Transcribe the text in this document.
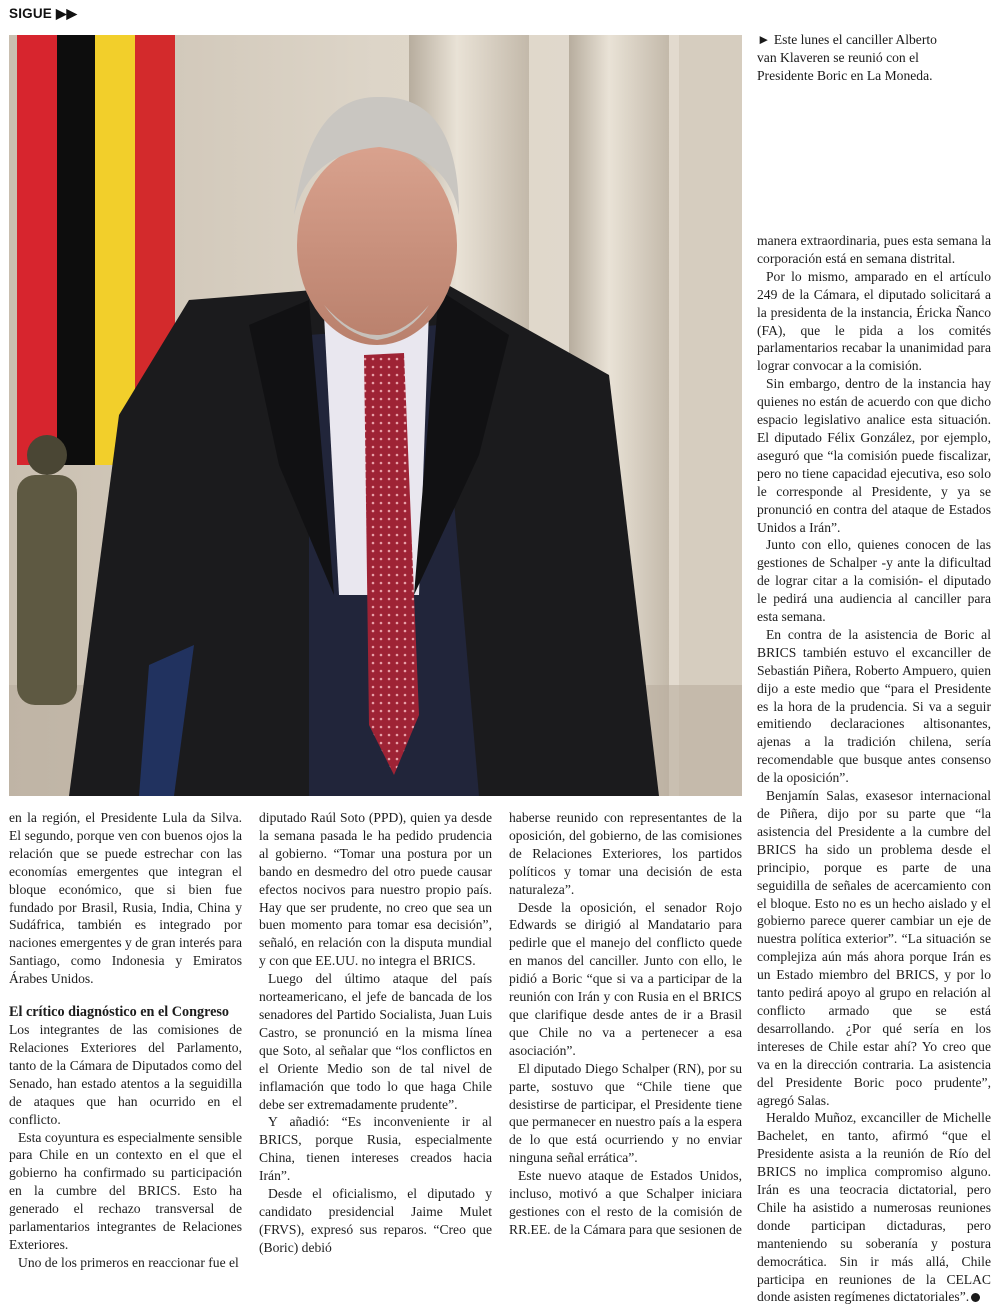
SIGUE ▶▶
► Este lunes el canciller Alberto van Klaveren se reunió con el Presidente Boric en La Moneda.

en la región, el Presidente Lula da Silva. El segundo, porque ven con buenos ojos la relación que se puede estrechar con las economías emergentes que integran el bloque económico, que si bien fue fundado por Brasil, Rusia, India, China y Sudáfrica, también es integrado por naciones emergentes y de gran interés para Santiago, como Indonesia y Emiratos Árabes Unidos.

El crítico diagnóstico en el Congreso

Los integrantes de las comisiones de Relaciones Exteriores del Parlamento, tanto de la Cámara de Diputados como del Senado, han estado atentos a la seguidilla de ataques que han ocurrido en el conflicto.

Esta coyuntura es especialmente sensible para Chile en un contexto en el que el gobierno ha confirmado su participación en la cumbre del BRICS. Esto ha generado el rechazo transversal de parlamentarios integrantes de Relaciones Exteriores.

Uno de los primeros en reaccionar fue el

diputado Raúl Soto (PPD), quien ya desde la semana pasada le ha pedido prudencia al gobierno. “Tomar una postura por un bando en desmedro del otro puede causar efectos nocivos para nuestro propio país. Hay que ser prudente, no creo que sea un buen momento para tomar esa decisión”, señaló, en relación con la disputa mundial y con que EE.UU. no integra el BRICS.

Luego del último ataque del país norteamericano, el jefe de bancada de los senadores del Partido Socialista, Juan Luis Castro, se pronunció en la misma línea que Soto, al señalar que “los conflictos en el Oriente Medio son de tal nivel de inflamación que todo lo que haga Chile debe ser extremadamente prudente”.

Y añadió: “Es inconveniente ir al BRICS, porque Rusia, especialmente China, tienen intereses creados hacia Irán”.

Desde el oficialismo, el diputado y candidato presidencial Jaime Mulet (FRVS), expresó sus reparos. “Creo que (Boric) debió

haberse reunido con representantes de la oposición, del gobierno, de las comisiones de Relaciones Exteriores, los partidos políticos y tomar una decisión de esta naturaleza”.

Desde la oposición, el senador Rojo Edwards se dirigió al Mandatario para pedirle que el manejo del conflicto quede en manos del canciller. Junto con ello, le pidió a Boric “que si va a participar de la reunión con Irán y con Rusia en el BRICS que clarifique desde antes de ir a Brasil que Chile no va a pertenecer a esa asociación”.

El diputado Diego Schalper (RN), por su parte, sostuvo que “Chile tiene que desistirse de participar, el Presidente tiene que permanecer en nuestro país a la espera de lo que está ocurriendo y no enviar ninguna señal errática”.

Este nuevo ataque de Estados Unidos, incluso, motivó a que Schalper iniciara gestiones con el resto de la comisión de RR.EE. de la Cámara para que sesionen de

manera extraordinaria, pues esta semana la corporación está en semana distrital.

Por lo mismo, amparado en el artículo 249 de la Cámara, el diputado solicitará a la presidenta de la instancia, Éricka Ñanco (FA), que le pida a los comités parlamentarios recabar la unanimidad para lograr convocar a la comisión.

Sin embargo, dentro de la instancia hay quienes no están de acuerdo con que dicho espacio legislativo analice esta situación. El diputado Félix González, por ejemplo, aseguró que “la comisión puede fiscalizar, pero no tiene capacidad ejecutiva, eso solo le corresponde al Presidente, y ya se pronunció en contra del ataque de Estados Unidos a Irán”.

Junto con ello, quienes conocen de las gestiones de Schalper -y ante la dificultad de lograr citar a la comisión- el diputado le pedirá una audiencia al canciller para esta semana.

En contra de la asistencia de Boric al BRICS también estuvo el excanciller de Sebastián Piñera, Roberto Ampuero, quien dijo a este medio que “para el Presidente es la hora de la prudencia. Si va a seguir emitiendo declaraciones altisonantes, ajenas a la tradición chilena, sería recomendable que busque antes consenso de la oposición”.

Benjamín Salas, exasesor internacional de Piñera, dijo por su parte que “la asistencia del Presidente a la cumbre del BRICS ha sido un problema desde el principio, porque es parte de una seguidilla de señales de acercamiento con el bloque. Esto no es un hecho aislado y el gobierno parece querer cambiar un eje de nuestra política exterior”. “La situación se complejiza aún más ahora porque Irán es un Estado miembro del BRICS, y por lo tanto pedirá apoyo al grupo en relación al conflicto armado que se está desarrollando. ¿Por qué sería en los intereses de Chile estar ahí? Yo creo que va en la dirección contraria. La asistencia del Presidente Boric poco prudente”, agregó Salas.

Heraldo Muñoz, excanciller de Michelle Bachelet, en tanto, afirmó “que el Presidente asista a la reunión de Río del BRICS no implica compromiso alguno. Irán es una teocracia dictatorial, pero Chile ha asistido a numerosas reuniones donde participan dictaduras, pero manteniendo su soberanía y postura democrática. Sin ir más allá, Chile participa en reuniones de la CELAC donde asisten regímenes dictatoriales”.
